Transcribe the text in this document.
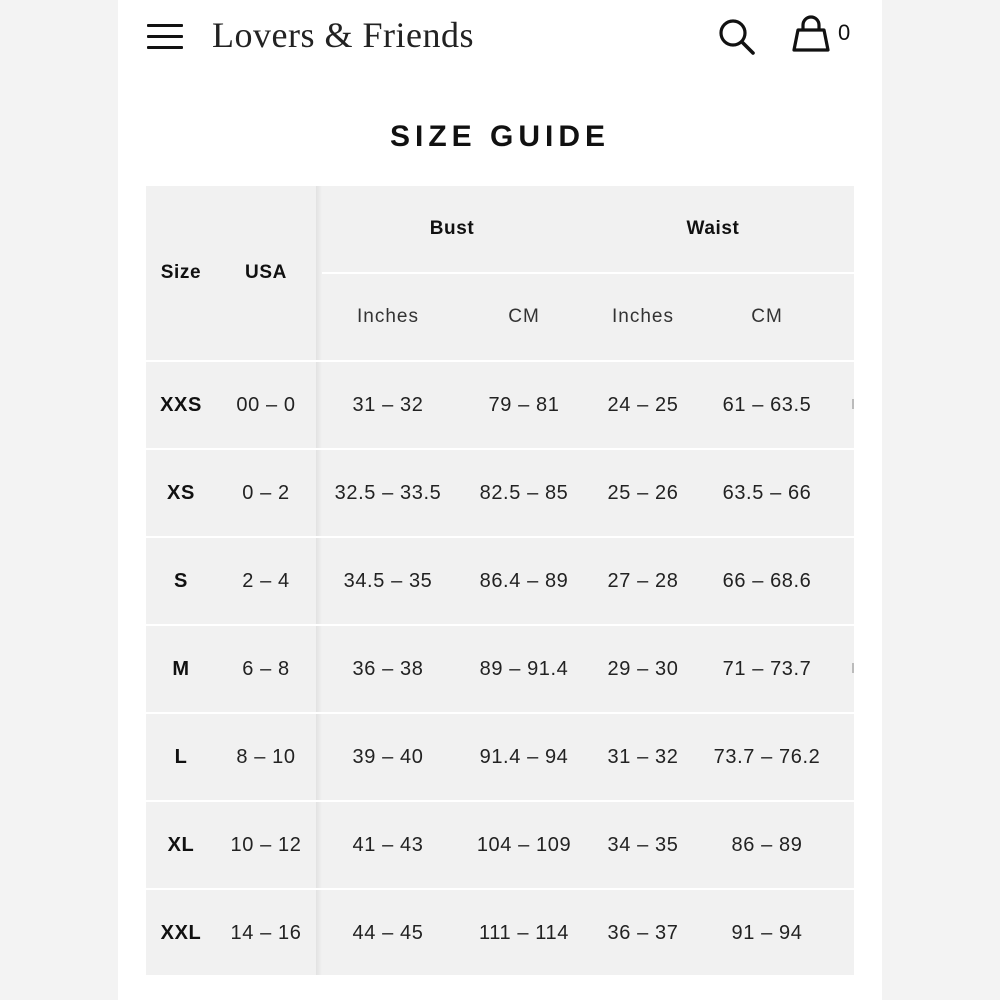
Lovers & Friends	0
SIZE GUIDE
Size	USA
Bust	Waist
Inches	CM	Inches	CM
XXS	00 – 0	31 – 32	79 – 81	24 – 25	61 – 63.5
XS	0 – 2	32.5 – 33.5	82.5 – 85	25 – 26	63.5 – 66
S	2 – 4	34.5 – 35	86.4 – 89	27 – 28	66 – 68.6
M	6 – 8	36 – 38	89 – 91.4	29 – 30	71 – 73.7
L	8 – 10	39 – 40	91.4 – 94	31 – 32	73.7 – 76.2
XL	10 – 12	41 – 43	104 – 109	34 – 35	86 – 89
XXL	14 – 16	44 – 45	111 – 114	36 – 37	91 – 94
